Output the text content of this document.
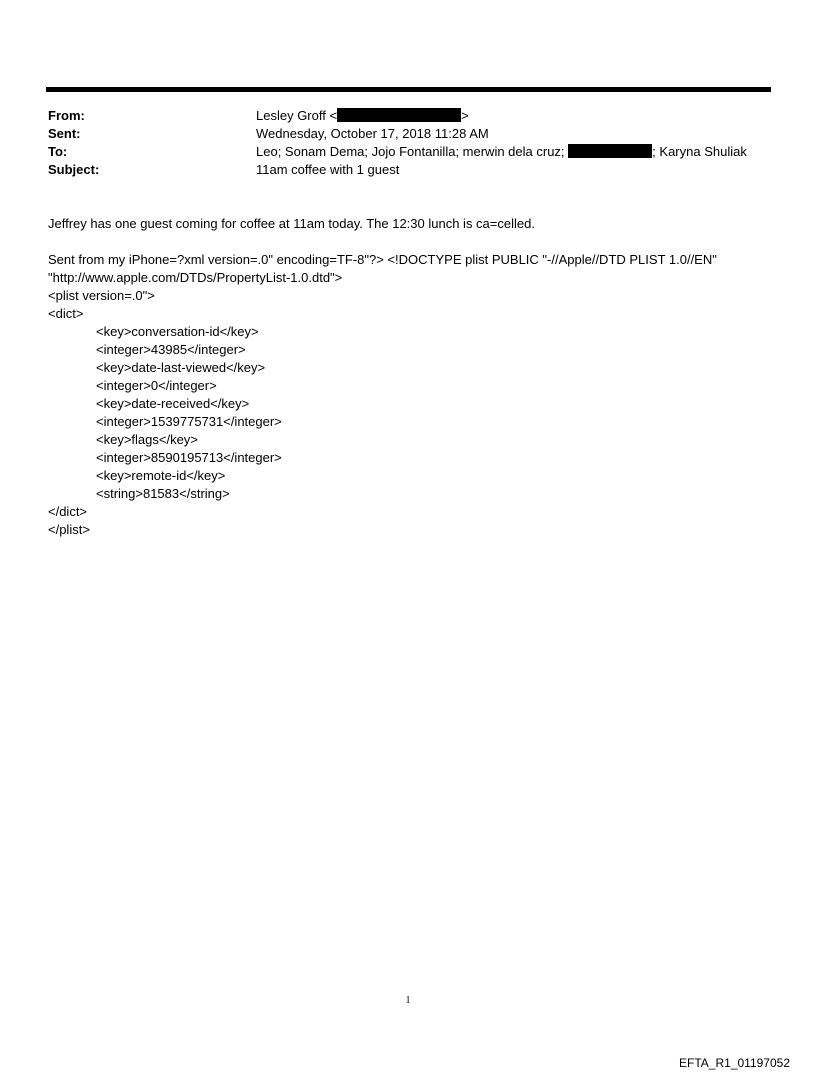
From:
Sent:
To:
Subject:
Lesley Groff <	>
Wednesday, October 17, 2018 11:28 AM
Leo; Sonam Dema; Jojo Fontanilla; merwin dela cruz;	; Karyna Shuliak
11am coffee with 1 guest
Jeffrey has one guest coming for coffee at 11am today. The 12:30 lunch is ca=celled.
Sent from my iPhone=?xml version=.0" encoding=TF-8"?> <!DOCTYPE plist PUBLIC "-//Apple//DTD PLIST 1.0//EN"
"http://www.apple.com/DTDs/PropertyList-1.0.dtd">
<plist version=.0">
<dict>
<key>conversation-id</key>
<integer>43985</integer>
<key>date-last-viewed</key>
<integer>0</integer>
<key>date-received</key>
<integer>1539775731</integer>
<key>flags</key>
<integer>8590195713</integer>
<key>remote-id</key>
<string>81583</string>
</dict>
</plist>
1
EFTA_R1_01197052
